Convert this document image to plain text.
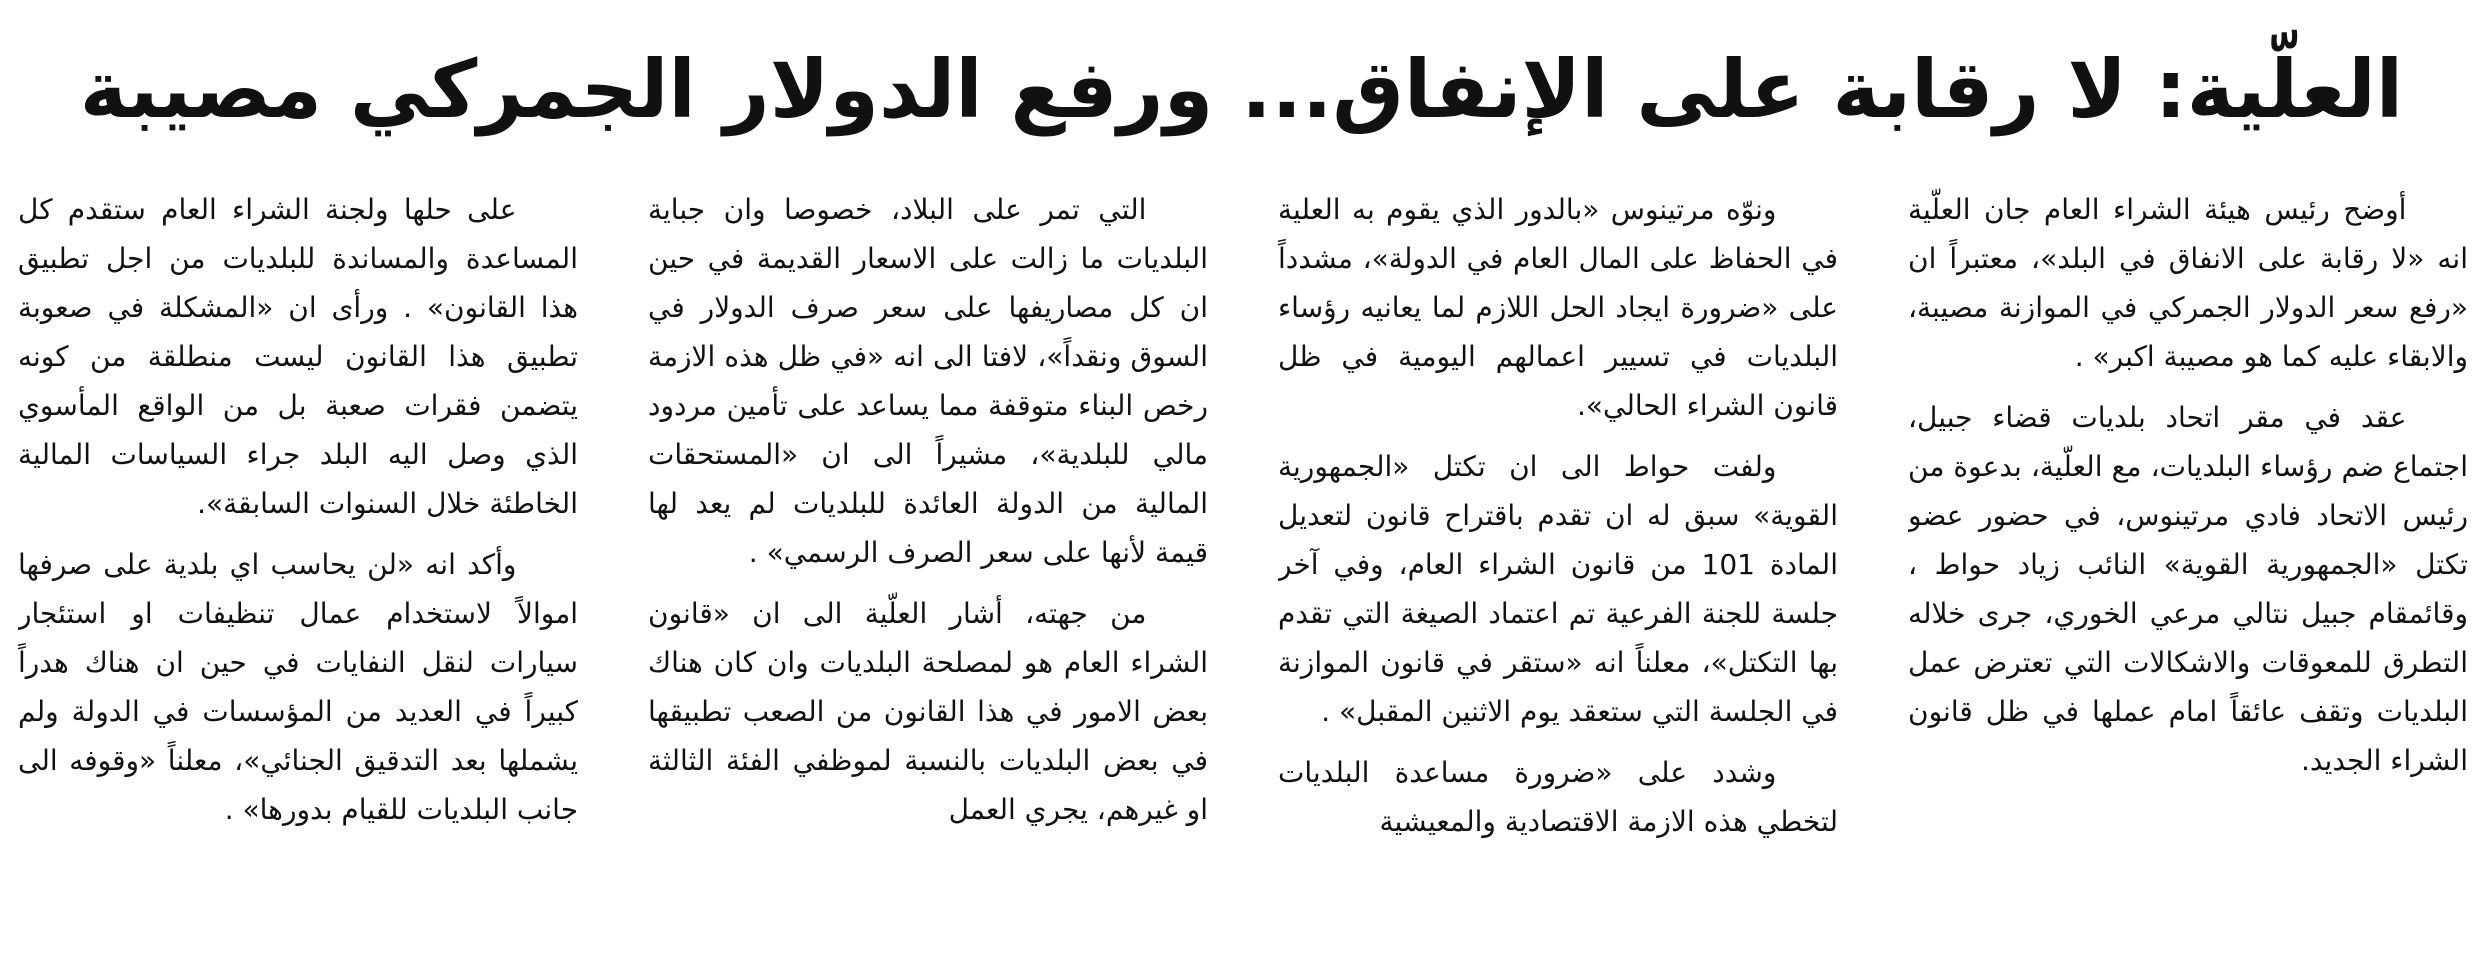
العلّية: لا رقابة على الإنفاق... ورفع الدولار الجمركي مصيبة

أوضح رئيس هيئة الشراء العام جان العلّية انه «لا رقابة على الانفاق في البلد»، معتبراً ان «رفع سعر الدولار الجمركي في الموازنة مصيبة، والابقاء عليه كما هو مصيبة اكبر» .

عقد في مقر اتحاد بلديات قضاء جبيل، اجتماع ضم رؤساء البلديات، مع العلّية، بدعوة من رئيس الاتحاد فادي مرتينوس، في حضور عضو تكتل «الجمهورية القوية» النائب زياد حواط ، وقائمقام جبيل نتالي مرعي الخوري، جرى خلاله التطرق للمعوقات والاشكالات التي تعترض عمل البلديات وتقف عائقاً امام عملها في ظل قانون الشراء الجديد.

ونوّه مرتينوس «بالدور الذي يقوم به العلية في الحفاظ على المال العام في الدولة»، مشدداً على «ضرورة ايجاد الحل اللازم لما يعانيه رؤساء البلديات في تسيير اعمالهم اليومية في ظل قانون الشراء الحالي».

ولفت حواط الى ان تكتل «الجمهورية القوية» سبق له ان تقدم باقتراح قانون لتعديل المادة 101 من قانون الشراء العام، وفي آخر جلسة للجنة الفرعية تم اعتماد الصيغة التي تقدم بها التكتل»، معلناً انه «ستقر في قانون الموازنة في الجلسة التي ستعقد يوم الاثنين المقبل» .

وشدد على «ضرورة مساعدة البلديات لتخطي هذه الازمة الاقتصادية والمعيشية

التي تمر على البلاد، خصوصا وان جباية البلديات ما زالت على الاسعار القديمة في حين ان كل مصاريفها على سعر صرف الدولار في السوق ونقداً»، لافتا الى انه «في ظل هذه الازمة رخص البناء متوقفة مما يساعد على تأمين مردود مالي للبلدية»، مشيراً الى ان «المستحقات المالية من الدولة العائدة للبلديات لم يعد لها قيمة لأنها على سعر الصرف الرسمي» .

من جهته، أشار العلّية الى ان «قانون الشراء العام هو لمصلحة البلديات وان كان هناك بعض الامور في هذا القانون من الصعب تطبيقها في بعض البلديات بالنسبة لموظفي الفئة الثالثة او غيرهم، يجري العمل

على حلها ولجنة الشراء العام ستقدم كل المساعدة والمساندة للبلديات من اجل تطبيق هذا القانون» . ورأى ان «المشكلة في صعوبة تطبيق هذا القانون ليست منطلقة من كونه يتضمن فقرات صعبة بل من الواقع المأسوي الذي وصل اليه البلد جراء السياسات المالية الخاطئة خلال السنوات السابقة».

وأكد انه «لن يحاسب اي بلدية على صرفها اموالاً لاستخدام عمال تنظيفات او استئجار سيارات لنقل النفايات في حين ان هناك هدراً كبيراً في العديد من المؤسسات في الدولة ولم يشملها بعد التدقيق الجنائي»، معلناً «وقوفه الى جانب البلديات للقيام بدورها» .
